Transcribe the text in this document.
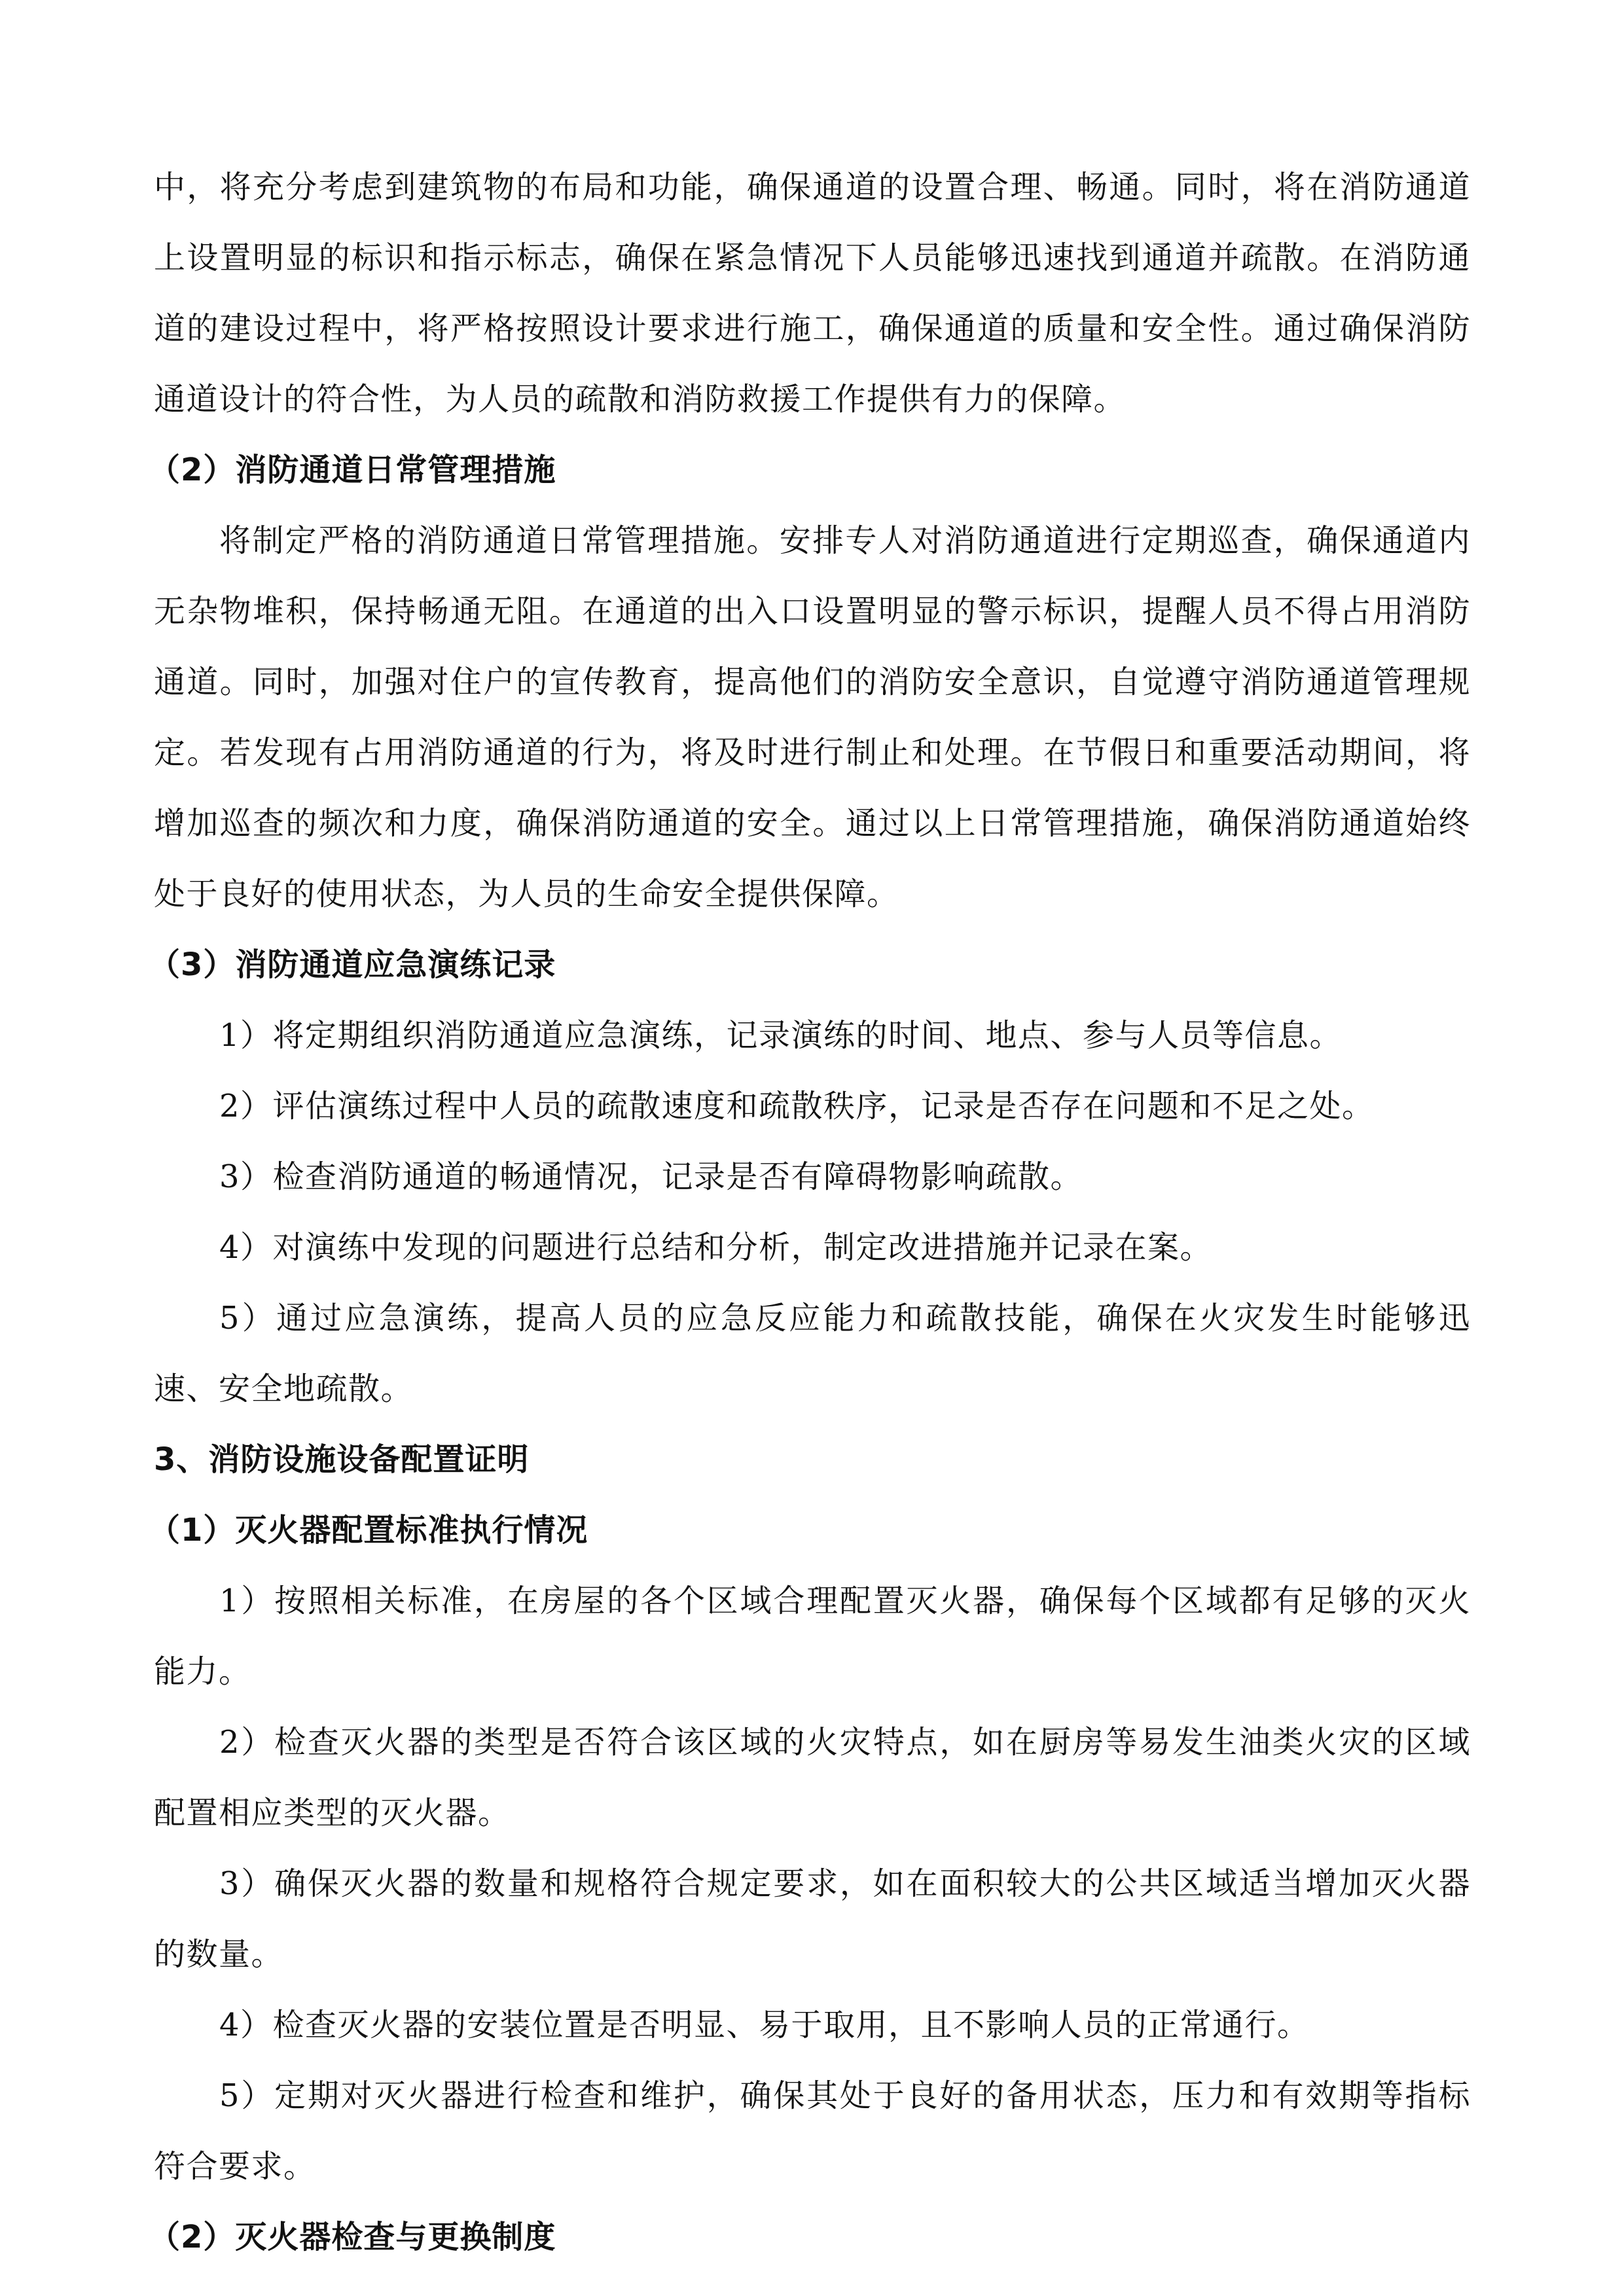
中，将充分考虑到建筑物的布局和功能，确保通道的设置合理、畅通。同时，将在消防通道上设置明显的标识和指示标志，确保在紧急情况下人员能够迅速找到通道并疏散。在消防通道的建设过程中，将严格按照设计要求进行施工，确保通道的质量和安全性。通过确保消防通道设计的符合性，为人员的疏散和消防救援工作提供有力的保障。

（2）消防通道日常管理措施

将制定严格的消防通道日常管理措施。安排专人对消防通道进行定期巡查，确保通道内无杂物堆积，保持畅通无阻。在通道的出入口设置明显的警示标识，提醒人员不得占用消防通道。同时，加强对住户的宣传教育，提高他们的消防安全意识，自觉遵守消防通道管理规定。若发现有占用消防通道的行为，将及时进行制止和处理。在节假日和重要活动期间，将增加巡查的频次和力度，确保消防通道的安全。通过以上日常管理措施，确保消防通道始终处于良好的使用状态，为人员的生命安全提供保障。

（3）消防通道应急演练记录

1）将定期组织消防通道应急演练，记录演练的时间、地点、参与人员等信息。

2）评估演练过程中人员的疏散速度和疏散秩序，记录是否存在问题和不足之处。

3）检查消防通道的畅通情况，记录是否有障碍物影响疏散。

4）对演练中发现的问题进行总结和分析，制定改进措施并记录在案。

5）通过应急演练，提高人员的应急反应能力和疏散技能，确保在火灾发生时能够迅速、安全地疏散。

3、消防设施设备配置证明

（1）灭火器配置标准执行情况

1）按照相关标准，在房屋的各个区域合理配置灭火器，确保每个区域都有足够的灭火能力。

2）检查灭火器的类型是否符合该区域的火灾特点，如在厨房等易发生油类火灾的区域配置相应类型的灭火器。

3）确保灭火器的数量和规格符合规定要求，如在面积较大的公共区域适当增加灭火器的数量。

4）检查灭火器的安装位置是否明显、易于取用，且不影响人员的正常通行。

5）定期对灭火器进行检查和维护，确保其处于良好的备用状态，压力和有效期等指标符合要求。

（2）灭火器检查与更换制度
